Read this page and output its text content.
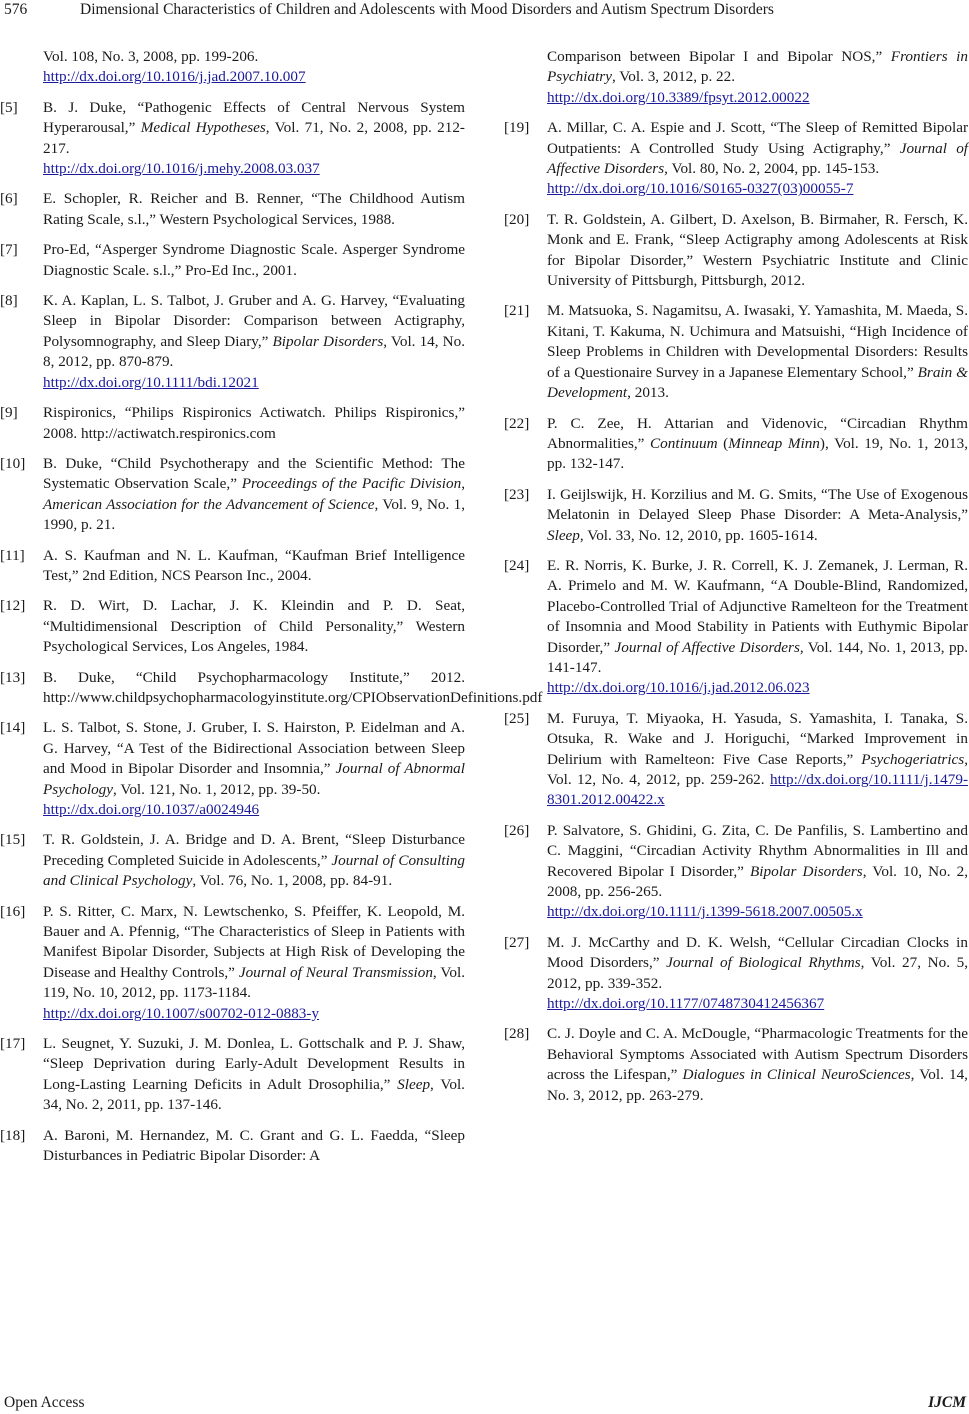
576	Dimensional Characteristics of Children and Adolescents with Mood Disorders and Autism Spectrum Disorders
Vol. 108, No. 3, 2008, pp. 199-206.
http://dx.doi.org/10.1016/j.jad.2007.10.007
[5] B. J. Duke, “Pathogenic Effects of Central Nervous System Hyperarousal,” Medical Hypotheses, Vol. 71, No. 2, 2008, pp. 212-217.
http://dx.doi.org/10.1016/j.mehy.2008.03.037
[6] E. Schopler, R. Reicher and B. Renner, “The Childhood Autism Rating Scale, s.l.,” Western Psychological Services, 1988.
[7] Pro-Ed, “Asperger Syndrome Diagnostic Scale. Asperger Syndrome Diagnostic Scale. s.l.,” Pro-Ed Inc., 2001.
[8] K. A. Kaplan, L. S. Talbot, J. Gruber and A. G. Harvey, “Evaluating Sleep in Bipolar Disorder: Comparison between Actigraphy, Polysomnography, and Sleep Diary,” Bipolar Disorders, Vol. 14, No. 8, 2012, pp. 870-879.
http://dx.doi.org/10.1111/bdi.12021
[9] Rispironics, “Philips Rispironics Actiwatch. Philips Rispironics,” 2008. http://actiwatch.respironics.com
[10] B. Duke, “Child Psychotherapy and the Scientific Method: The Systematic Observation Scale,” Proceedings of the Pacific Division, American Association for the Advancement of Science, Vol. 9, No. 1, 1990, p. 21.
[11] A. S. Kaufman and N. L. Kaufman, “Kaufman Brief Intelligence Test,” 2nd Edition, NCS Pearson Inc., 2004.
[12] R. D. Wirt, D. Lachar, J. K. Kleindin and P. D. Seat, “Multidimensional Description of Child Personality,” Western Psychological Services, Los Angeles, 1984.
[13] B. Duke, “Child Psychopharmacology Institute,” 2012. http://www.childpsychopharmacologyinstitute.org/CPIObservationDefinitions.pdf
[14] L. S. Talbot, S. Stone, J. Gruber, I. S. Hairston, P. Eidelman and A. G. Harvey, “A Test of the Bidirectional Association between Sleep and Mood in Bipolar Disorder and Insomnia,” Journal of Abnormal Psychology, Vol. 121, No. 1, 2012, pp. 39-50.
http://dx.doi.org/10.1037/a0024946
[15] T. R. Goldstein, J. A. Bridge and D. A. Brent, “Sleep Disturbance Preceding Completed Suicide in Adolescents,” Journal of Consulting and Clinical Psychology, Vol. 76, No. 1, 2008, pp. 84-91.
[16] P. S. Ritter, C. Marx, N. Lewtschenko, S. Pfeiffer, K. Leopold, M. Bauer and A. Pfennig, “The Characteristics of Sleep in Patients with Manifest Bipolar Disorder, Subjects at High Risk of Developing the Disease and Healthy Controls,” Journal of Neural Transmission, Vol. 119, No. 10, 2012, pp. 1173-1184.
http://dx.doi.org/10.1007/s00702-012-0883-y
[17] L. Seugnet, Y. Suzuki, J. M. Donlea, L. Gottschalk and P. J. Shaw, “Sleep Deprivation during Early-Adult Development Results in Long-Lasting Learning Deficits in Adult Drosophilia,” Sleep, Vol. 34, No. 2, 2011, pp. 137-146.
[18] A. Baroni, M. Hernandez, M. C. Grant and G. L. Faedda, “Sleep Disturbances in Pediatric Bipolar Disorder: A
Comparison between Bipolar I and Bipolar NOS,” Frontiers in Psychiatry, Vol. 3, 2012, p. 22.
http://dx.doi.org/10.3389/fpsyt.2012.00022
[19] A. Millar, C. A. Espie and J. Scott, “The Sleep of Remitted Bipolar Outpatients: A Controlled Study Using Actigraphy,” Journal of Affective Disorders, Vol. 80, No. 2, 2004, pp. 145-153.
http://dx.doi.org/10.1016/S0165-0327(03)00055-7
[20] T. R. Goldstein, A. Gilbert, D. Axelson, B. Birmaher, R. Fersch, K. Monk and E. Frank, “Sleep Actigraphy among Adolescents at Risk for Bipolar Disorder,” Western Psychiatric Institute and Clinic University of Pittsburgh, Pittsburgh, 2012.
[21] M. Matsuoka, S. Nagamitsu, A. Iwasaki, Y. Yamashita, M. Maeda, S. Kitani, T. Kakuma, N. Uchimura and Matsuishi, “High Incidence of Sleep Problems in Children with Developmental Disorders: Results of a Questionaire Survey in a Japanese Elementary School,” Brain & Development, 2013.
[22] P. C. Zee, H. Attarian and Videnovic, “Circadian Rhythm Abnormalities,” Continuum (Minneap Minn), Vol. 19, No. 1, 2013, pp. 132-147.
[23] I. Geijlswijk, H. Korzilius and M. G. Smits, “The Use of Exogenous Melatonin in Delayed Sleep Phase Disorder: A Meta-Analysis,” Sleep, Vol. 33, No. 12, 2010, pp. 1605-1614.
[24] E. R. Norris, K. Burke, J. R. Correll, K. J. Zemanek, J. Lerman, R. A. Primelo and M. W. Kaufmann, “A Double-Blind, Randomized, Placebo-Controlled Trial of Adjunctive Ramelteon for the Treatment of Insomnia and Mood Stability in Patients with Euthymic Bipolar Disorder,” Journal of Affective Disorders, Vol. 144, No. 1, 2013, pp. 141-147.
http://dx.doi.org/10.1016/j.jad.2012.06.023
[25] M. Furuya, T. Miyaoka, H. Yasuda, S. Yamashita, I. Tanaka, S. Otsuka, R. Wake and J. Horiguchi, “Marked Improvement in Delirium with Ramelteon: Five Case Reports,” Psychogeriatrics, Vol. 12, No. 4, 2012, pp. 259-262. http://dx.doi.org/10.1111/j.1479-8301.2012.00422.x
[26] P. Salvatore, S. Ghidini, G. Zita, C. De Panfilis, S. Lambertino and C. Maggini, “Circadian Activity Rhythm Abnormalities in Ill and Recovered Bipolar I Disorder,” Bipolar Disorders, Vol. 10, No. 2, 2008, pp. 256-265.
http://dx.doi.org/10.1111/j.1399-5618.2007.00505.x
[27] M. J. McCarthy and D. K. Welsh, “Cellular Circadian Clocks in Mood Disorders,” Journal of Biological Rhythms, Vol. 27, No. 5, 2012, pp. 339-352.
http://dx.doi.org/10.1177/0748730412456367
[28] C. J. Doyle and C. A. McDougle, “Pharmacologic Treatments for the Behavioral Symptoms Associated with Autism Spectrum Disorders across the Lifespan,” Dialogues in Clinical NeuroSciences, Vol. 14, No. 3, 2012, pp. 263-279.
Open Access	IJCM
